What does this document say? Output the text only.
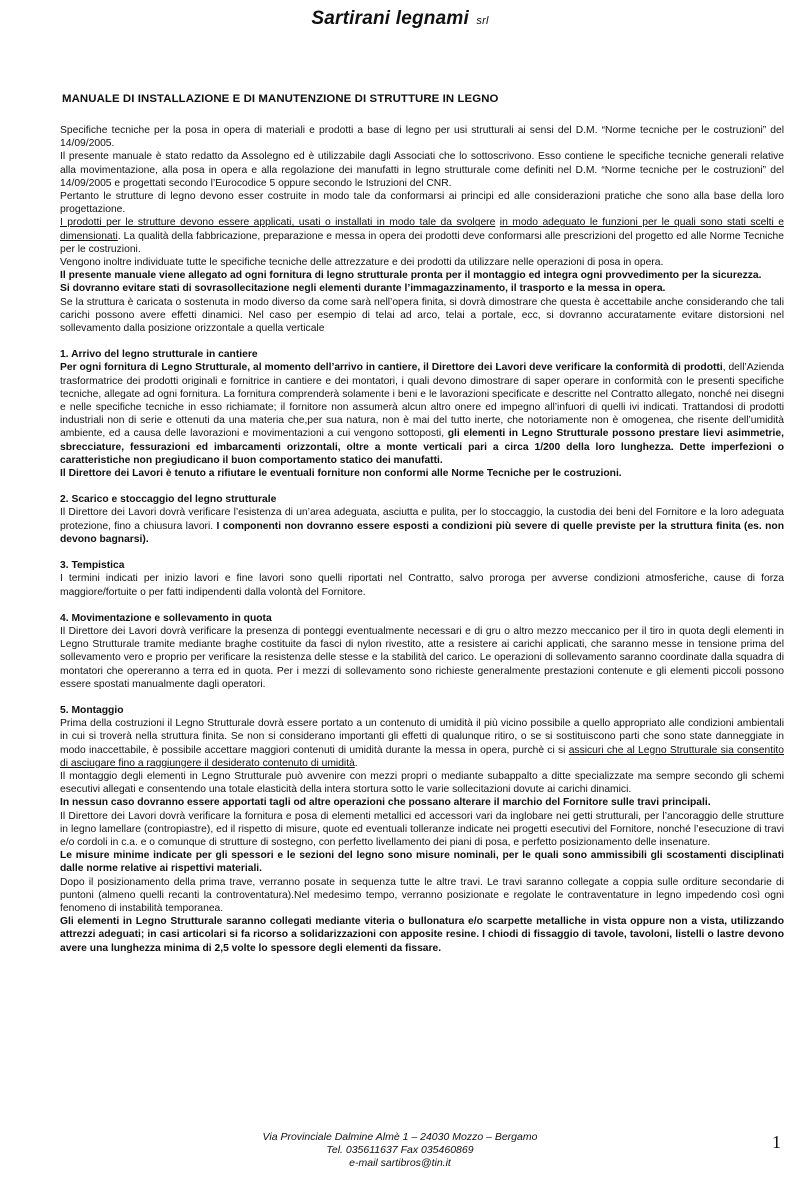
Sartirani legnami srl
MANUALE DI INSTALLAZIONE E DI MANUTENZIONE DI STRUTTURE IN LEGNO

Specifiche tecniche per la posa in opera di materiali e prodotti a base di legno per usi strutturali ai sensi del D.M. “Norme tecniche per le costruzioni” del 14/09/2005.

Il presente manuale è stato redatto da Assolegno ed è utilizzabile dagli Associati che lo sottoscrivono. Esso contiene le specifiche tecniche generali relative alla movimentazione, alla posa in opera e alla regolazione dei manufatti in legno strutturale come definiti nel D.M. “Norme tecniche per le costruzioni” del 14/09/2005 e progettati secondo l’Eurocodice 5 oppure secondo le Istruzioni del CNR.

Pertanto le strutture di legno devono esser costruite in modo tale da conformarsi ai principi ed alle considerazioni pratiche che sono alla base della loro progettazione.

I prodotti per le strutture devono essere applicati, usati o installati in modo tale da svolgere in modo adeguato le funzioni per le quali sono stati scelti e dimensionati. La qualità della fabbricazione, preparazione e messa in opera dei prodotti deve conformarsi alle prescrizioni del progetto ed alle Norme Tecniche per le costruzioni.

Vengono inoltre individuate tutte le specifiche tecniche delle attrezzature e dei prodotti da utilizzare nelle operazioni di posa in opera.

Il presente manuale viene allegato ad ogni fornitura di legno strutturale pronta per il montaggio ed integra ogni provvedimento per la sicurezza.

Si dovranno evitare stati di sovrasollecitazione negli elementi durante l’immagazzinamento, il trasporto e la messa in opera.

Se la struttura è caricata o sostenuta in modo diverso da come sarà nell’opera finita, si dovrà dimostrare che questa è accettabile anche considerando che tali carichi possono avere effetti dinamici. Nel caso per esempio di telai ad arco, telai a portale, ecc, si dovranno accuratamente evitare distorsioni nel sollevamento dalla posizione orizzontale a quella verticale

1. Arrivo del legno strutturale in cantiere

Per ogni fornitura di Legno Strutturale, al momento dell’arrivo in cantiere, il Direttore dei Lavori deve verificare la conformità di prodotti, dell’Azienda trasformatrice dei prodotti originali e fornitrice in cantiere e dei montatori, i quali devono dimostrare di saper operare in conformità con le presenti specifiche tecniche, allegate ad ogni fornitura. La fornitura comprenderà solamente i beni e le lavorazioni specificate e descritte nel Contratto allegato, nonché nei disegni e nelle specifiche tecniche in esso richiamate; il fornitore non assumerà alcun altro onere ed impegno all’infuori di quelli ivi indicati. Trattandosi di prodotti industriali non di serie e ottenuti da una materia che,per sua natura, non è mai del tutto inerte, che notoriamente non è omogenea, che risente dell’umidità ambiente, ed a causa delle lavorazioni e movimentazioni a cui vengono sottoposti, gli elementi in Legno Strutturale possono prestare lievi asimmetrie, sbrecciature, fessurazioni ed imbarcamenti orizzontali, oltre a monte verticali pari a circa 1/200 della loro lunghezza. Dette imperfezioni o caratteristiche non pregiudicano il buon comportamento statico dei manufatti.

Il Direttore dei Lavori è tenuto a rifiutare le eventuali forniture non conformi alle Norme Tecniche per le costruzioni.

2. Scarico e stoccaggio del legno strutturale

Il Direttore dei Lavori dovrà verificare l’esistenza di un’area adeguata, asciutta e pulita, per lo stoccaggio, la custodia dei beni del Fornitore e la loro adeguata protezione, fino a chiusura lavori. I componenti non dovranno essere esposti a condizioni più severe di quelle previste per la struttura finita (es. non devono bagnarsi).

3. Tempistica

I termini indicati per inizio lavori e fine lavori sono quelli riportati nel Contratto, salvo proroga per avverse condizioni atmosferiche, cause di forza maggiore/fortuite o per fatti indipendenti dalla volontà del Fornitore.

4. Movimentazione e sollevamento in quota

Il Direttore dei Lavori dovrà verificare la presenza di ponteggi eventualmente necessari e di gru o altro mezzo meccanico per il tiro in quota degli elementi in Legno Strutturale tramite mediante braghe costituite da fasci di nylon rivestito, atte a resistere ai carichi applicati, che saranno messe in tensione prima del sollevamento vero e proprio per verificare la resistenza delle stesse e la stabilità del carico. Le operazioni di sollevamento saranno coordinate dalla squadra di montatori che opereranno a terra ed in quota. Per i mezzi di sollevamento sono richieste generalmente prestazioni contenute e gli elementi piccoli possono essere spostati manualmente dagli operatori.

5. Montaggio

Prima della costruzioni il Legno Strutturale dovrà essere portato a un contenuto di umidità il più vicino possibile a quello appropriato alle condizioni ambientali in cui si troverà nella struttura finita. Se non si considerano importanti gli effetti di qualunque ritiro, o se si sostituiscono parti che sono state danneggiate in modo inaccettabile, è possibile accettare maggiori contenuti di umidità durante la messa in opera, purchè ci si assicuri che al Legno Strutturale sia consentito di asciugare fino a raggiungere il desiderato contenuto di umidità.

Il montaggio degli elementi in Legno Strutturale può avvenire con mezzi propri o mediante subappalto a ditte specializzate ma sempre secondo gli schemi esecutivi allegati e consentendo una totale elasticità della intera stortura sotto le varie sollecitazioni dovute ai carichi dinamici.

In nessun caso dovranno essere apportati tagli od altre operazioni che possano alterare il marchio del Fornitore sulle travi principali.

Il Direttore dei Lavori dovrà verificare la fornitura e posa di elementi metallici ed accessori vari da inglobare nei getti strutturali, per l’ancoraggio delle strutture in legno lamellare (contropiastre), ed il rispetto di misure, quote ed eventuali tolleranze indicate nei progetti esecutivi del Fornitore, nonché l’esecuzione di travi e/o cordoli in c.a. e o comunque di strutture di sostegno, con perfetto livellamento dei piani di posa, e perfetto posizionamento delle insenature.

Le misure minime indicate per gli spessori e le sezioni del legno sono misure nominali, per le quali sono ammissibili gli scostamenti disciplinati dalle norme relative ai rispettivi materiali.

Dopo il posizionamento della prima trave, verranno posate in sequenza tutte le altre travi. Le travi saranno collegate a coppia sulle orditure secondarie di puntoni (almeno quelli recanti la controventatura).Nel medesimo tempo, verranno posizionate e regolate le contraventature in legno impedendo così ogni fenomeno di instabilità temporanea.

Gli elementi in Legno Strutturale saranno collegati mediante viteria o bullonatura e/o scarpette metalliche in vista oppure non a vista, utilizzando attrezzi adeguati; in casi articolari si fa ricorso a solidarizzazioni con apposite resine. I chiodi di fissaggio di tavole, tavoloni, listelli o lastre devono avere una lunghezza minima di 2,5 volte lo spessore degli elementi da fissare.

Via Provinciale Dalmine Almè 1 – 24030 Mozzo – Bergamo
Tel. 035611637 Fax 035460869
e-mail sartibros@tin.it
1
